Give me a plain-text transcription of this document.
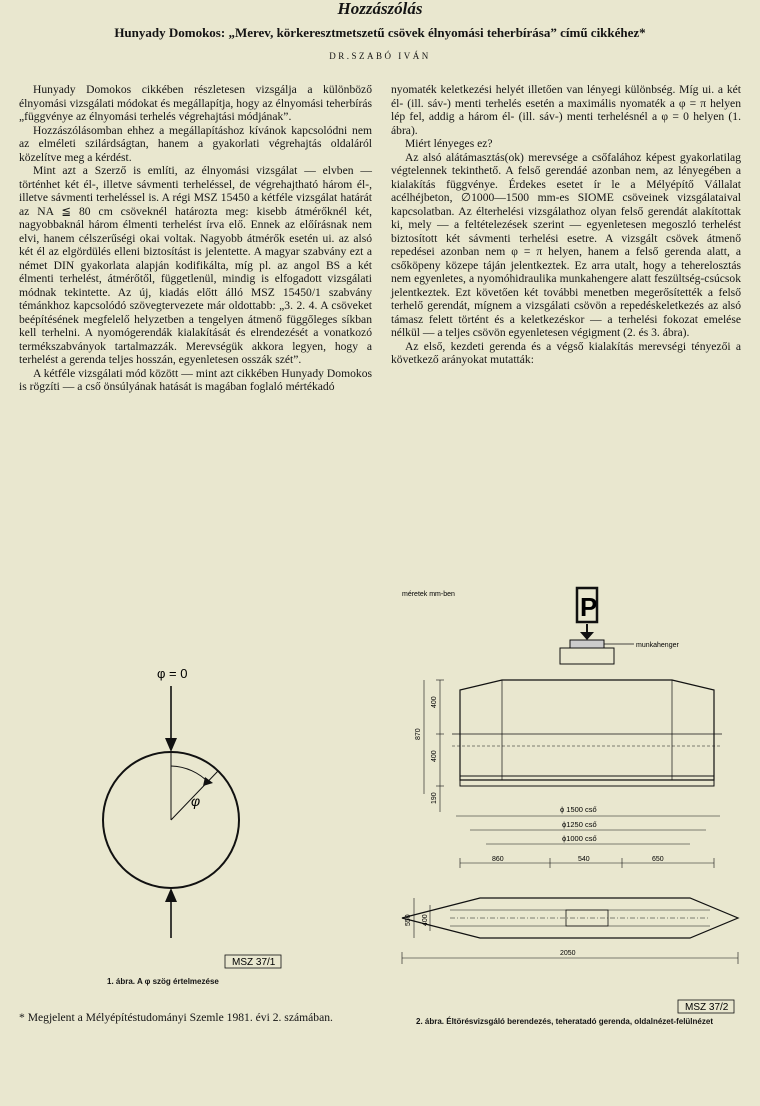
Hozzászólás
Hunyady Domokos: „Merev, körkeresztmetszetű csövek élnyomási teherbírása” című cikkéhez*
DR.SZABÓ IVÁN

Hunyady Domokos cikkében részletesen vizsgálja a különböző élnyomási vizsgálati módokat és megállapítja, hogy az élnyomási teherbírás „függvénye az élnyomási terhelés végrehajtási módjának”.

Hozzászólásomban ehhez a megállapításhoz kívánok kapcsolódni nem az elméleti szilárdságtan, hanem a gyakorlati végrehajtás oldaláról közelítve meg a kérdést.

Mint azt a Szerző is említi, az élnyomási vizsgálat — elvben — történhet két él-, illetve sávmenti terheléssel, de végrehajtható három él-, illetve sávmenti terheléssel is. A régi MSZ 15450 a kétféle vizsgálat határát az NA ≦ 80 cm csöveknél határozta meg: kisebb átmérőknél két, nagyobbaknál három élmenti terhelést írva elő. Ennek az előírásnak nem elvi, hanem célszerűségi okai voltak. Nagyobb átmérők esetén ui. az alsó két él az elgördülés elleni biztosítást is jelentette. A magyar szabvány ezt a német DIN gyakorlata alapján kodifikálta, míg pl. az angol BS a két élmenti terhelést, átmérőtől, függetlenül, mindig is elfogadott vizsgálati módnak tekintette. Az új, kiadás előtt álló MSZ 15450/1 szabvány témánkhoz kapcsolódó szövegtervezete már oldottabb: „3. 2. 4. A csöveket beépítésének megfelelő helyzetben a tengelyen átmenő függőleges síkban kell terhelni. A nyomógerendák kialakítását és elrendezését a vonatkozó termékszabványok tartalmazzák. Merevségük akkora legyen, hogy a terhelést a gerenda teljes hosszán, egyenletesen osszák szét”.

A kétféle vizsgálati mód között — mint azt cikkében Hunyady Domokos is rögzíti — a cső önsúlyának hatását is magában foglaló mértékadó

nyomaték keletkezési helyét illetően van lényegi különbség. Míg ui. a két él- (ill. sáv-) menti terhelés esetén a maximális nyomaték a φ = π helyen lép fel, addig a három él- (ill. sáv-) menti terhelésnél a φ = 0 helyen (1. ábra).

Miért lényeges ez?

Az alsó alátámasztás(ok) merevsége a csőfalához képest gyakorlatilag végtelennek tekinthető. A felső gerendáé azonban nem, az lényegében a kialakítás függvénye. Érdekes esetet ír le a Mélyépítő Vállalat acélhéjbeton, ∅1000—1500 mm-es SIOME csöveinek vizsgálataival kapcsolatban. Az élterhelési vizsgálathoz olyan felső gerendát alakítottak ki, mely — a feltételezések szerint — egyenletesen megoszló terhelést biztosított két sávmenti terhelési esetre. A vizsgált csövek átmenő repedései azonban nem φ = π helyen, hanem a felső gerenda alatt, a csőköpeny közepe táján jelentkeztek. Ez arra utalt, hogy a teherelosztás nem egyenletes, a nyomóhidraulika munkahengere alatt feszültség-csúcsok jelentkeztek. Ezt követően két további menetben megerősítették a felső terhelő gerendát, mígnem a vizsgálati csövön a repedéskeletkezés az alsó támasz felett történt és a keletkezéskor — a terhelési fokozat emelése nélkül — a teljes csövön egyenletesen végigment (2. és 3. ábra).

Az első, kezdeti gerenda és a végső kialakítás merevségi tényezői a következő arányokat mutatták:

φ = 0
φ
MSZ 37/1
1. ábra. A φ szög értelmezése
méretek mm-ben	P
munkahenger
400
400
870
190
ϕ 1500 cső
ϕ1250 cső
ϕ1000 cső
860	540	650
550 400
2050
MSZ 37/2
2. ábra. Éltörésvizsgáló berendezés, teheratadó gerenda, oldalnézet-felülnézet
* Megjelent a Mélyépítéstudományi Szemle 1981. évi 2. számában.
